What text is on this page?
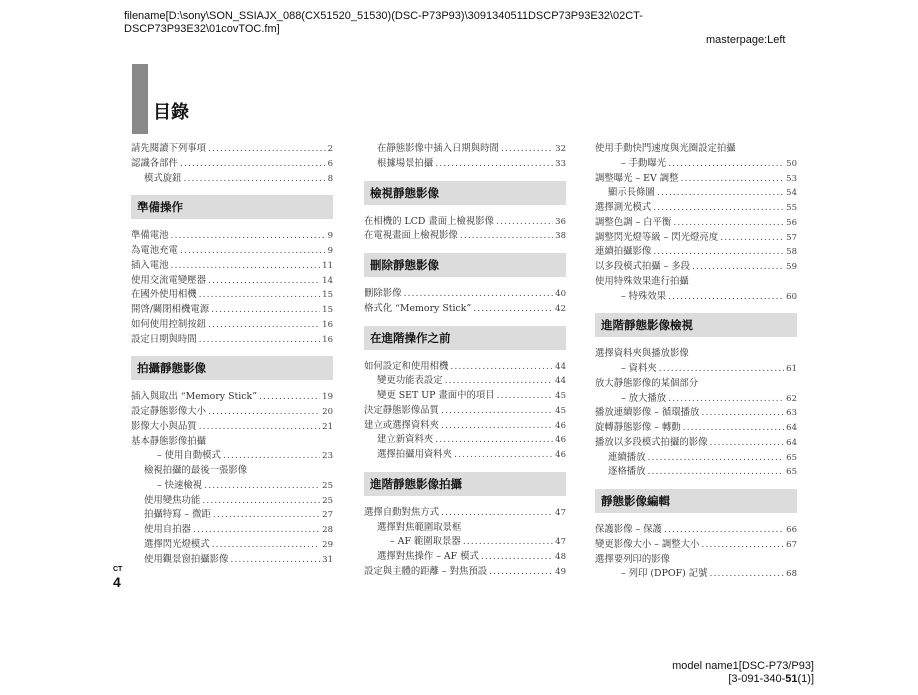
filename[D:\sony\SON_SSIAJX_088(CX51520_51530)(DSC-P73P93)\3091340511DSCP73P93E32\02CT-DSCP73P93E32\01covTOC.fm]
masterpage:Left
目錄
請先閱讀下列事項 .....	2
認識各部件 .....	6
模式旋鈕 .....	8
準備操作
準備電池 .....	9
為電池充電 .....	9
插入電池 .....	11
使用交流電變壓器 .....	14
在國外使用相機 .....	15
開啓/關閉相機電源 .....	15
如何使用控制按鈕 .....	16
設定日期與時間 .....	16
拍攝靜態影像
插入與取出 “Memory Stick” .....	19
設定靜態影像大小 .....	20
影像大小與品質 .....	21
基本靜態影像拍攝
– 使用自動模式 .....	23
檢視拍攝的最後一張影像
– 快速檢視 .....	25
使用變焦功能 .....	25
拍攝特寫 – 微距 .....	27
使用自拍器 .....	28
選擇閃光燈模式 .....	29
使用觀景窗拍攝影像 .....	31
在靜態影像中插入日期與時間 .....	32
根據場景拍攝 .....	33
檢視靜態影像
在相機的 LCD 畫面上檢視影像 .....	36
在電視畫面上檢視影像 .....	38
刪除靜態影像
刪除影像 .....	40
格式化 “Memory Stick” .....	42
在進階操作之前
如何設定和使用相機 .....	44
變更功能表設定 .....	44
變更 SET UP 畫面中的項目 .....	45
決定靜態影像品質 .....	45
建立或選擇資料夾 .....	46
建立新資料夾 .....	46
選擇拍攝用資料夾 .....	46
進階靜態影像拍攝
選擇自動對焦方式 .....	47
選擇對焦範圍取景框
– AF 範圍取景器 .....	47
選擇對焦操作 – AF 模式 .....	48
設定與主體的距離 – 對焦預設 .....	49
使用手動快門速度與光圈設定拍攝
– 手動曝光 .....	50
調整曝光 – EV 調整 .....	53
顯示長條圖 .....	54
選擇測光模式 .....	55
調整色調 – 白平衡 .....	56
調整閃光燈等級 – 閃光燈亮度 .....	57
連續拍攝影像 .....	58
以多段模式拍攝 – 多段 .....	59
使用特殊效果進行拍攝
– 特殊效果 .....	60
進階靜態影像檢視
選擇資料夾與播放影像
– 資料夾 .....	61
放大靜態影像的某個部分
– 放大播放 .....	62
播放連續影像 – 循環播放 .....	63
旋轉靜態影像 – 轉動 .....	64
播放以多段模式拍攝的影像 .....	64
連續播放 .....	65
逐格播放 .....	65
靜態影像編輯
保護影像 – 保護 .....	66
變更影像大小 – 調整大小 .....	67
選擇要列印的影像
– 列印 (DPOF) 記號 .....	68
CT
4
model name1[DSC-P73/P93]
[3-091-340-51(1)]
